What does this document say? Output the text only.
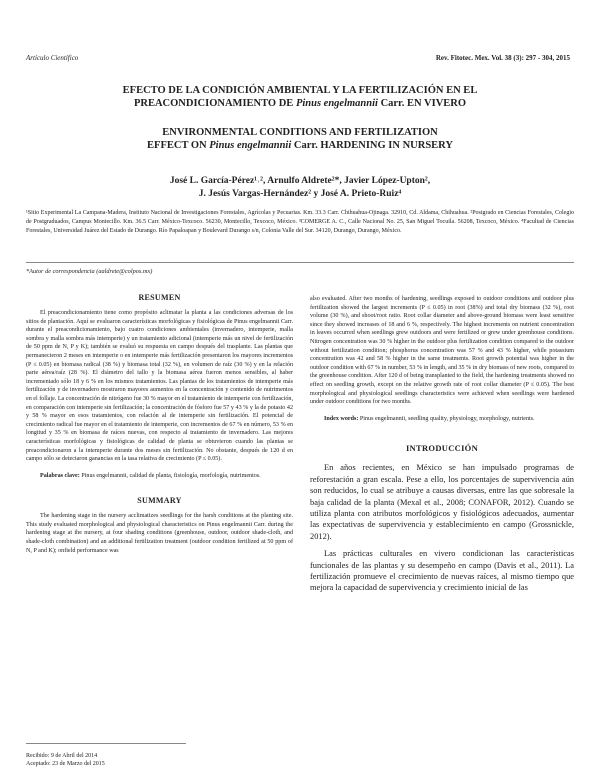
Artículo Científico	Rev. Fitotec. Mex. Vol. 38 (3): 297 - 304, 2015
EFECTO DE LA CONDICIÓN AMBIENTAL Y LA FERTILIZACIÓN EN EL
PREACONDICIONAMIENTO DE Pinus engelmannii Carr. EN VIVERO
ENVIRONMENTAL CONDITIONS AND FERTILIZATION
EFFECT ON Pinus engelmannii Carr. HARDENING IN NURSERY
José L. García-Pérez¹˒², Arnulfo Aldrete²*, Javier López-Upton²,
J. Jesús Vargas-Hernández² y José A. Prieto-Ruiz⁴
¹Sitio Experimental La Campana-Madera, Instituto Nacional de Investigaciones Forestales, Agrícolas y Pecuarias. Km. 33.3 Carr. Chihuahua-Ojinaga. 32910, Cd. Aldama, Chihuahua. ²Postgrado en Ciencias Forestales, Colegio de Postgraduados, Campus Montecillo. Km. 36.5 Carr. México-Texcoco. 56230, Montecillo, Texcoco, México. ³COMERGE A. C., Calle Nacional No. 25, San Miguel Tocuila. 56208, Texcoco, México. ⁴Facultad de Ciencias Forestales, Universidad Juárez del Estado de Durango. Río Papaloapan y Boulevard Durango s/n, Colonia Valle del Sur. 34120, Durango, Durango, México.
*Autor de correspondencia (aaldrete@colpos.mx)
RESUMEN

El preacondicionamiento tiene como propósito aclimatar la planta a las condiciones adversas de los sitios de plantación. Aquí se evaluaron características morfológicas y fisiológicas de Pinus engelmannii Carr. durante el preacondicionamiento, bajo cuatro condiciones ambientales (invernadero, intemperie, malla sombra y malla sombra más intemperie) y un tratamiento adicional (intemperie más un nivel de fertilización de 50 ppm de N, P y K); también se evaluó su respuesta en campo después del trasplante. Las plantas que permanecieron 2 meses en intemperie o en intemperie más fertilización presentaron los mayores incrementos (P ≤ 0.05) en biomasa radical (38 %) y biomasa total (32 %), en volumen de raíz (30 %) y en la relación parte aérea/raíz (28 %). El diámetro del tallo y la biomasa aérea fueron menos sensibles, al haber incrementado sólo 18 y 6 % en los mismos tratamientos. Las plantas de los tratamientos de intemperie más fertilización y de invernadero mostraron mayores aumentos en la concentración y contenido de nutrimentos en el follaje. La concentración de nitrógeno fue 30 % mayor en el tratamiento de intemperie con fertilización, en comparación con intemperie sin fertilización; la concentración de fósforo fue 57 y 43 % y la de potasio 42 y 58 % mayor en esos tratamientos, con relación al de intemperie sin fertilización. El potencial de crecimiento radical fue mayor en el tratamiento de intemperie, con incrementos de 67 % en número, 53 % en longitud y 35 % en biomasa de raíces nuevas, con respecto al tratamiento de invernadero. Las mejores características morfológicas y fisiológicas de calidad de planta se obtuvieron cuando las plantas se preacondicionaron a la intemperie durante dos meses sin fertilización. No obstante, después de 120 d en campo sólo se detectaron ganancias en la tasa relativa de crecimiento (P ≤ 0.05).

Palabras clave: Pinus engelmannii, calidad de planta, fisiología, morfología, nutrimentos.
SUMMARY

The hardening stage in the nursery acclimatizes seedlings for the harsh conditions at the planting site. This study evaluated morphological and physiological characteristics on Pinus engelmannii Carr. during the hardening stage at the nursery, at four shading conditions (greenhouse, outdoor, outdoor shade-cloth, and shade-cloth combination) and an additional fertilization treatment (outdoor condition fertilized at 50 ppm of N, P and K); onfield performance was

Recibido: 9 de Abril del 2014
Aceptado: 23 de Marzo del 2015

also evaluated. After two months of hardening, seedlings exposed to outdoor conditions and outdoor plus fertilization showed the largest increments (P ≤ 0.05) in root (38%) and total dry biomass (32 %), root volume (30 %), and shoot/root ratio. Root collar diameter and above-ground biomass were least sensitive since they showed increases of 18 and 6 %, respectively. The highest increments on nutrient concentration in leaves occurred when seedlings grew outdoors and were fertilized or grew under greenhouse conditions. Nitrogen concentration was 30 % higher in the outdoor plus fertilization condition compared to the outdoor without fertilization condition; phosphorus concentration was 57 % and 43 % higher, while potassium concentration was 42 and 58 % higher in the same treatments. Root growth potential was higher in the outdoor condition with 67 % in number, 53 % in length, and 35 % in dry biomass of new roots, compared to the greenhouse condition. After 120 d of being transplanted to the field, the hardening treatments showed no effect on seedling growth, except on the relative growth rate of root collar diameter (P ≤ 0.05). The best morphological and physiological seedlings characteristics were achieved when seedlings were hardened under outdoor conditions for two months.

Index words: Pinus engelmannii, seedling quality, physiology, morphology, nutrients.
INTRODUCCIÓN

En años recientes, en México se han impulsado programas de reforestación a gran escala. Pese a ello, los porcentajes de supervivencia aún son reducidos, lo cual se atribuye a causas diversas, entre las que sobresale la baja calidad de la planta (Mexal et al., 2008; CONAFOR, 2012). Cuando se utiliza planta con atributos morfológicos y fisiológicos adecuados, aumentar las expectativas de supervivencia y establecimiento en campo (Grossnickle, 2012).

Las prácticas culturales en vivero condicionan las características funcionales de las plantas y su desempeño en campo (Davis et al., 2011). La fertilización promueve el crecimiento de nuevas raíces, al mismo tiempo que mejora la capacidad de supervivencia y crecimiento inicial de las
